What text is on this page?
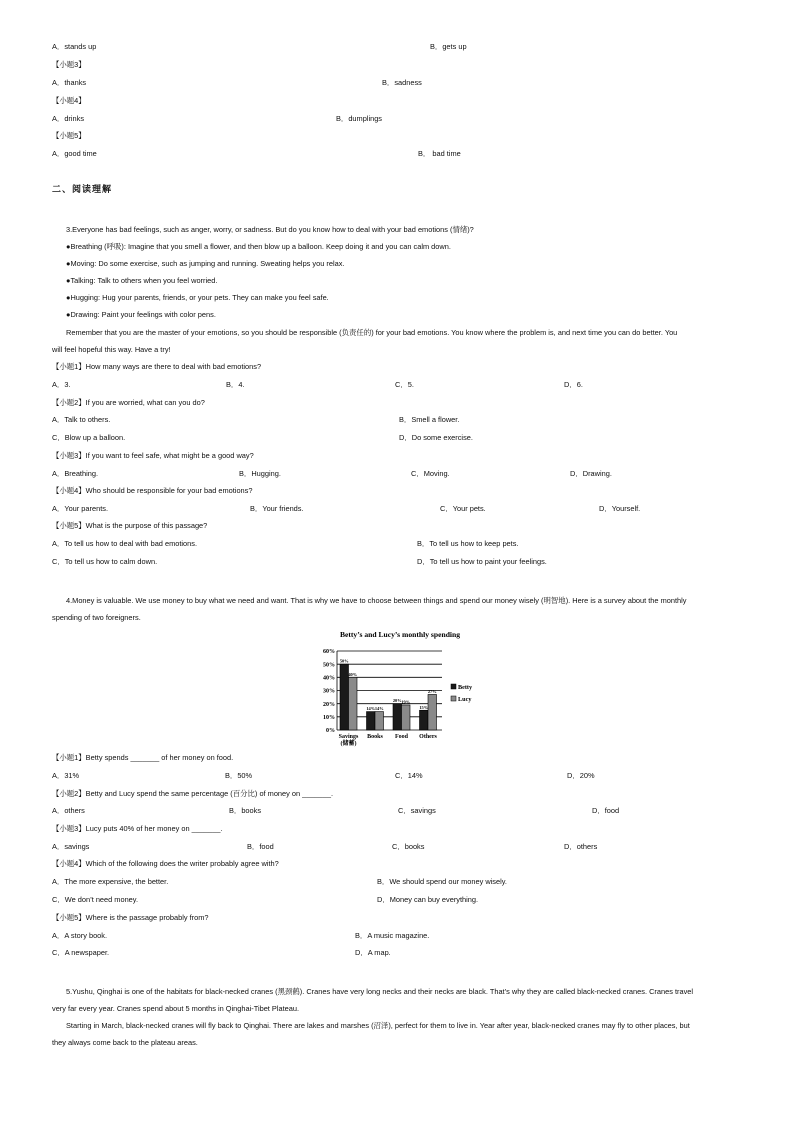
A．stands up	B．gets up
【小题3】
A．thanks	B．sadness
【小题4】
A．drinks	B．dumplings
【小题5】
A．good time	B． bad time
二、阅读理解
3.Everyone has bad feelings, such as anger, worry, or sadness. But do you know how to deal with your bad emotions (情绪)?
●Breathing (呼吸): Imagine that you smell a flower, and then blow up a balloon. Keep doing it and you can calm down.
●Moving: Do some exercise, such as jumping and running. Sweating helps you relax.
●Talking: Talk to others when you feel worried.
●Hugging: Hug your parents, friends, or your pets. They can make you feel safe.
●Drawing: Paint your feelings with color pens.
Remember that you are the master of your emotions, so you should be responsible (负责任的) for your bad emotions. You know where the problem is, and next time you can do better. You
will feel hopeful this way. Have a try!
【小题1】How many ways are there to deal with bad emotions?
A．3.	B．4.	C．5.	D．6.
【小题2】If you are worried, what can you do?
A．Talk to others.	B．Smell a flower.
C．Blow up a balloon.	D．Do some exercise.
【小题3】If you want to feel safe, what might be a good way?
A．Breathing.	B．Hugging.	C．Moving.	D．Drawing.
【小题4】Who should be responsible for your bad emotions?
A．Your parents.	B．Your friends.	C．Your pets.	D．Yourself.
【小题5】What is the purpose of this passage?
A．To tell us how to deal with bad emotions.	B．To tell us how to keep pets.
C．To tell us how to calm down.	D．To tell us how to paint your feelings.
4.Money is valuable. We use money to buy what we need and want. That is why we have to choose between things and spend our money wisely (明智地). Here is a survey about the monthly
spending of two foreigners.
【小题1】Betty spends _______ of her money on food.
A．31%	B．50%	C．14%	D．20%
【小题2】Betty and Lucy spend the same percentage (百分比) of money on _______.
A．others	B．books	C．savings	D．food
【小题3】Lucy puts 40% of her money on _______.
A．savings	B．food	C．books	D．others
【小题4】Which of the following does the writer probably agree with?
A．The more expensive, the better.	B．We should spend our money wisely.
C．We don’t need money.	D．Money can buy everything.
【小题5】Where is the passage probably from?
A．A story book.	B．A music magazine.
C．A newspaper.	D．A map.
5.Yushu, Qinghai is one of the habitats for black-necked cranes (黑颈鹤). Cranes have very long necks and their necks are black. That’s why they are called black-necked cranes. Cranes travel
very far every year. Cranes spend about 5 months in Qinghai-Tibet Plateau.
Starting in March, black-necked cranes will fly back to Qinghai. There are lakes and marshes (沼泽), perfect for them to live in. Year after year, black-necked cranes may fly to other places, but
they always come back to the plateau areas.
Betty’s and Lucy’s monthly spending
0%
10%
20%
30%
40%
50%
60%
50%
40%
Savings
(储蓄)
14% 14%
Books
20% 19%
Food
15%
27%
Others
Betty
Lucy
